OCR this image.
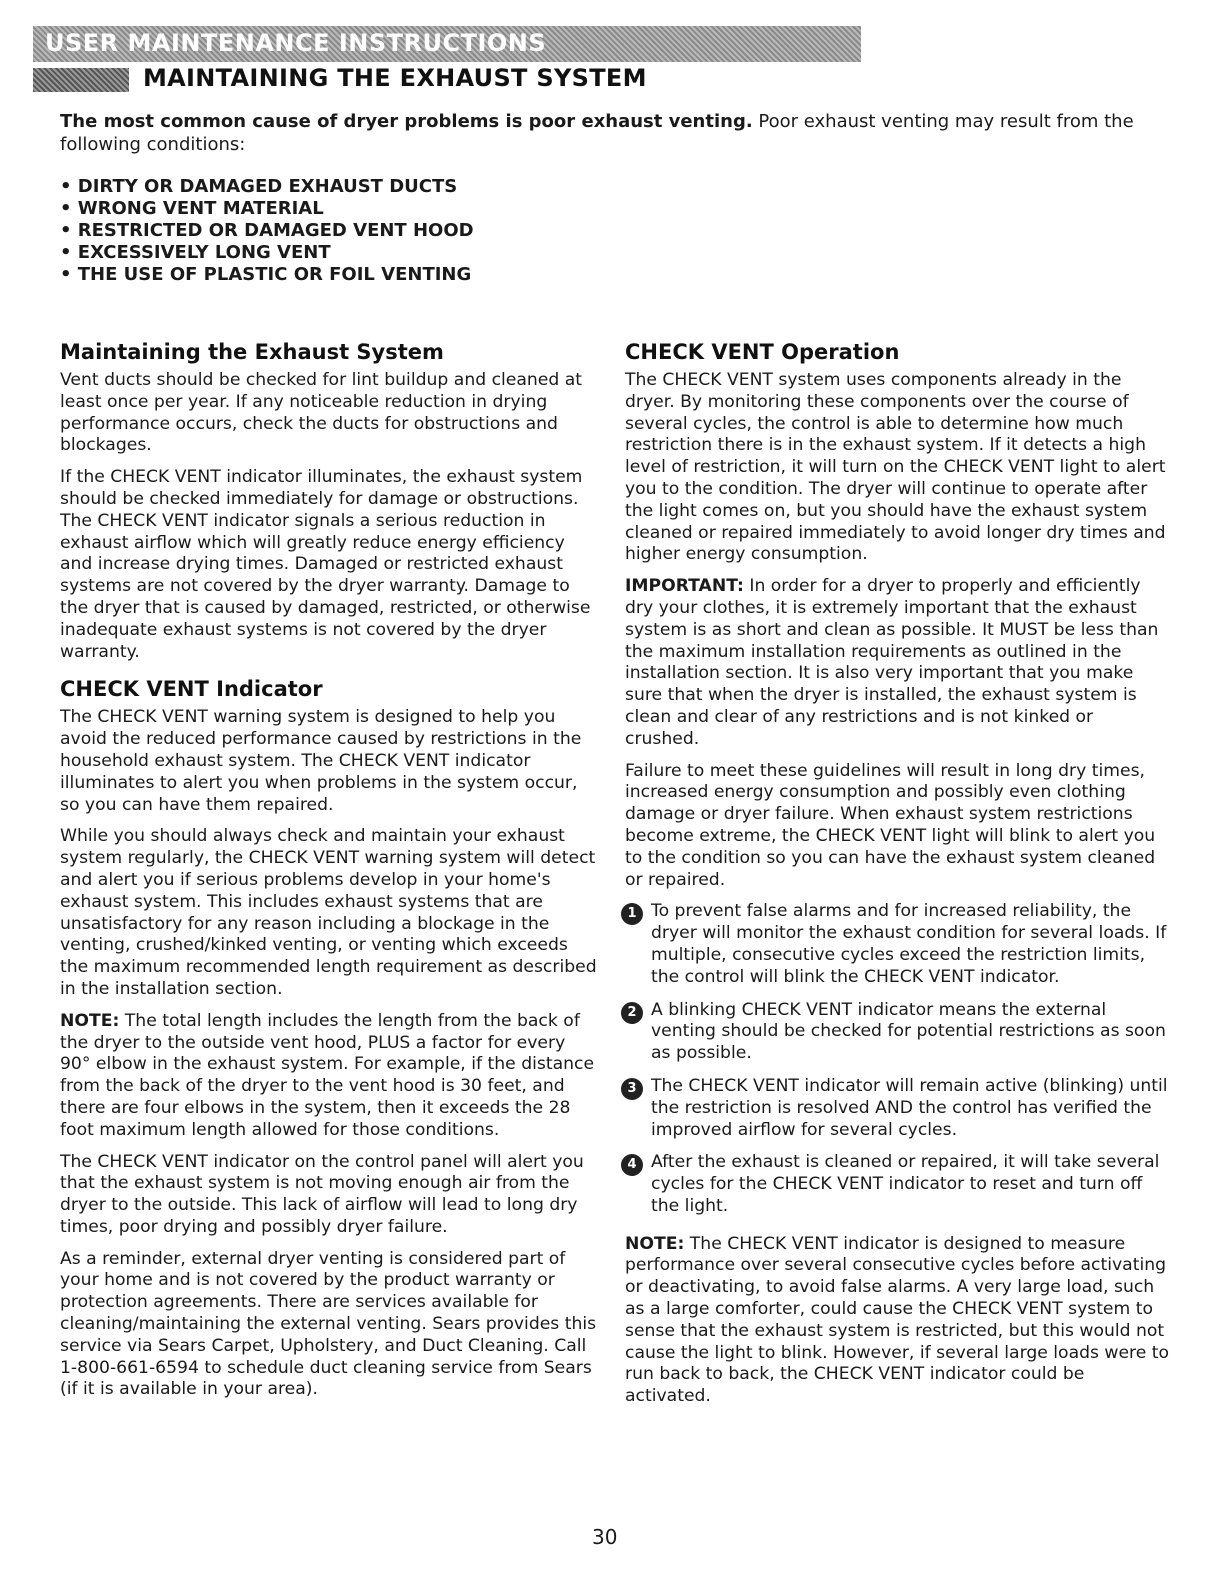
USER MAINTENANCE INSTRUCTIONS
MAINTAINING THE EXHAUST SYSTEM
The most common cause of dryer problems is poor exhaust venting. Poor exhaust venting may result from the following conditions:
• DIRTY OR DAMAGED EXHAUST DUCTS
• WRONG VENT MATERIAL
• RESTRICTED OR DAMAGED VENT HOOD
• EXCESSIVELY LONG VENT
• THE USE OF PLASTIC OR FOIL VENTING
Maintaining the Exhaust System

Vent ducts should be checked for lint buildup and cleaned at least once per year. If any noticeable reduction in drying performance occurs, check the ducts for obstructions and blockages.

If the CHECK VENT indicator illuminates, the exhaust system should be checked immediately for damage or obstructions. The CHECK VENT indicator signals a serious reduction in exhaust airflow which will greatly reduce energy efficiency and increase drying times. Damaged or restricted exhaust systems are not covered by the dryer warranty. Damage to the dryer that is caused by damaged, restricted, or otherwise inadequate exhaust systems is not covered by the dryer warranty.

CHECK VENT Indicator

The CHECK VENT warning system is designed to help you avoid the reduced performance caused by restrictions in the household exhaust system. The CHECK VENT indicator illuminates to alert you when problems in the system occur, so you can have them repaired.

While you should always check and maintain your exhaust system regularly, the CHECK VENT warning system will detect and alert you if serious problems develop in your home's exhaust system. This includes exhaust systems that are unsatisfactory for any reason including a blockage in the venting, crushed/kinked venting, or venting which exceeds the maximum recommended length requirement as described in the installation section.

NOTE: The total length includes the length from the back of the dryer to the outside vent hood, PLUS a factor for every 90° elbow in the exhaust system. For example, if the distance from the back of the dryer to the vent hood is 30 feet, and there are four elbows in the system, then it exceeds the 28 foot maximum length allowed for those conditions.

The CHECK VENT indicator on the control panel will alert you that the exhaust system is not moving enough air from the dryer to the outside. This lack of airflow will lead to long dry times, poor drying and possibly dryer failure.

As a reminder, external dryer venting is considered part of your home and is not covered by the product warranty or protection agreements. There are services available for cleaning/maintaining the external venting. Sears provides this service via Sears Carpet, Upholstery, and Duct Cleaning. Call 1-800-661-6594 to schedule duct cleaning service from Sears (if it is available in your area).

CHECK VENT Operation

The CHECK VENT system uses components already in the dryer. By monitoring these components over the course of several cycles, the control is able to determine how much restriction there is in the exhaust system. If it detects a high level of restriction, it will turn on the CHECK VENT light to alert you to the condition. The dryer will continue to operate after the light comes on, but you should have the exhaust system cleaned or repaired immediately to avoid longer dry times and higher energy consumption.

IMPORTANT: In order for a dryer to properly and efficiently dry your clothes, it is extremely important that the exhaust system is as short and clean as possible. It MUST be less than the maximum installation requirements as outlined in the installation section. It is also very important that you make sure that when the dryer is installed, the exhaust system is clean and clear of any restrictions and is not kinked or crushed.

Failure to meet these guidelines will result in long dry times, increased energy consumption and possibly even clothing damage or dryer failure. When exhaust system restrictions become extreme, the CHECK VENT light will blink to alert you to the condition so you can have the exhaust system cleaned or repaired.

1 To prevent false alarms and for increased reliability, the dryer will monitor the exhaust condition for several loads. If multiple, consecutive cycles exceed the restriction limits, the control will blink the CHECK VENT indicator.
2 A blinking CHECK VENT indicator means the external venting should be checked for potential restrictions as soon as possible.
3 The CHECK VENT indicator will remain active (blinking) until the restriction is resolved AND the control has verified the improved airflow for several cycles.
4 After the exhaust is cleaned or repaired, it will take several cycles for the CHECK VENT indicator to reset and turn off the light.

NOTE: The CHECK VENT indicator is designed to measure performance over several consecutive cycles before activating or deactivating, to avoid false alarms. A very large load, such as a large comforter, could cause the CHECK VENT system to sense that the exhaust system is restricted, but this would not cause the light to blink. However, if several large loads were to run back to back, the CHECK VENT indicator could be activated.

30
